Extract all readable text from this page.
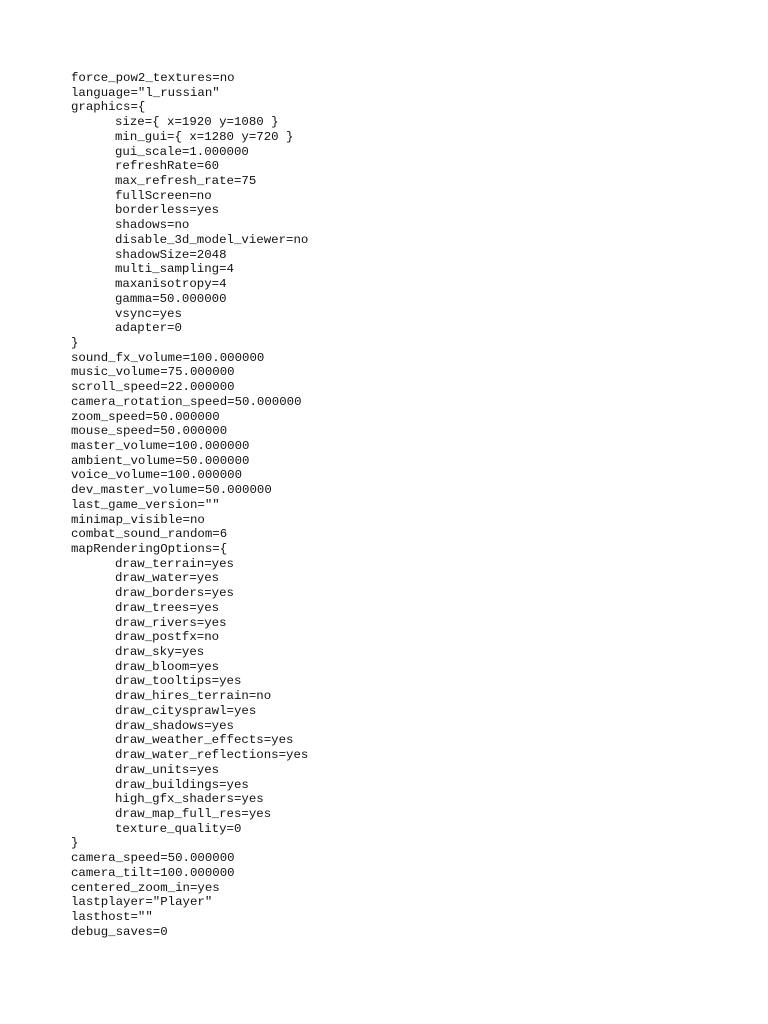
force_pow2_textures=no
language="l_russian"
graphics={
size={ x=1920 y=1080 }
min_gui={ x=1280 y=720 }
gui_scale=1.000000
refreshRate=60
max_refresh_rate=75
fullScreen=no
borderless=yes
shadows=no
disable_3d_model_viewer=no
shadowSize=2048
multi_sampling=4
maxanisotropy=4
gamma=50.000000
vsync=yes
adapter=0
}
sound_fx_volume=100.000000
music_volume=75.000000
scroll_speed=22.000000
camera_rotation_speed=50.000000
zoom_speed=50.000000
mouse_speed=50.000000
master_volume=100.000000
ambient_volume=50.000000
voice_volume=100.000000
dev_master_volume=50.000000
last_game_version=""
minimap_visible=no
combat_sound_random=6
mapRenderingOptions={
draw_terrain=yes
draw_water=yes
draw_borders=yes
draw_trees=yes
draw_rivers=yes
draw_postfx=no
draw_sky=yes
draw_bloom=yes
draw_tooltips=yes
draw_hires_terrain=no
draw_citysprawl=yes
draw_shadows=yes
draw_weather_effects=yes
draw_water_reflections=yes
draw_units=yes
draw_buildings=yes
high_gfx_shaders=yes
draw_map_full_res=yes
texture_quality=0
}
camera_speed=50.000000
camera_tilt=100.000000
centered_zoom_in=yes
lastplayer="Player"
lasthost=""
debug_saves=0
